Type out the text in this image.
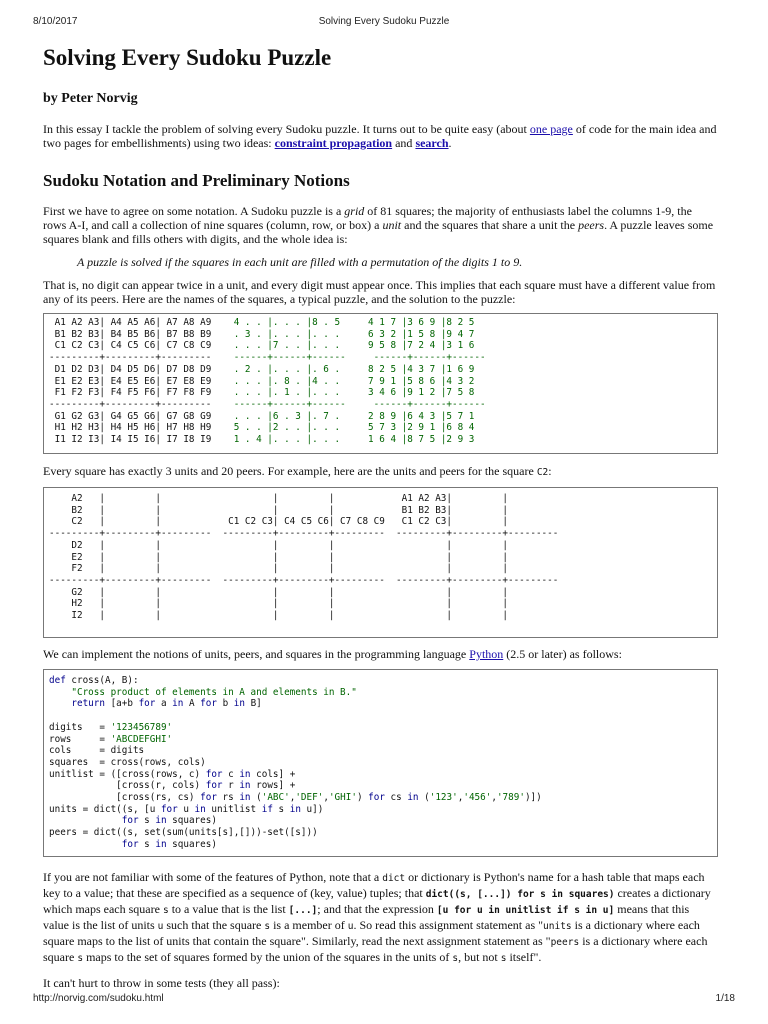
8/10/2017	Solving Every Sudoku Puzzle
Solving Every Sudoku Puzzle
by Peter Norvig

In this essay I tackle the problem of solving every Sudoku puzzle. It turns out to be quite easy (about one page of code for the main idea and two pages for embellishments) using two ideas: constraint propagation and search.

Sudoku Notation and Preliminary Notions

First we have to agree on some notation. A Sudoku puzzle is a grid of 81 squares; the majority of enthusiasts label the columns 1-9, the rows A-I, and call a collection of nine squares (column, row, or box) a unit and the squares that share a unit the peers. A puzzle leaves some squares blank and fills others with digits, and the whole idea is:

A puzzle is solved if the squares in each unit are filled with a permutation of the digits 1 to 9.

That is, no digit can appear twice in a unit, and every digit must appear once. This implies that each square must have a different value from any of its peers. Here are the names of the squares, a typical puzzle, and the solution to the puzzle:

A1 A2 A3| A4 A5 A6| A7 A8 A9    4 . . |. . . |8 . 5     4 1 7 |3 6 9 |8 2 5
B1 B2 B3| B4 B5 B6| B7 B8 B9    . 3 . |. . . |. . .     6 3 2 |1 5 8 |9 4 7
C1 C2 C3| C4 C5 C6| C7 C8 C9    . . . |7 . . |. . .     9 5 8 |7 2 4 |3 1 6
---------+---------+---------    ------+------+------     ------+------+------
D1 D2 D3| D4 D5 D6| D7 D8 D9    . 2 . |. . . |. 6 .     8 2 5 |4 3 7 |1 6 9
E1 E2 E3| E4 E5 E6| E7 E8 E9    . . . |. 8 . |4 . .     7 9 1 |5 8 6 |4 3 2
F1 F2 F3| F4 F5 F6| F7 F8 F9    . . . |. 1 . |. . .     3 4 6 |9 1 2 |7 5 8
---------+---------+---------    ------+------+------     ------+------+------
G1 G2 G3| G4 G5 G6| G7 G8 G9    . . . |6 . 3 |. 7 .     2 8 9 |6 4 3 |5 7 1
H1 H2 H3| H4 H5 H6| H7 H8 H9    5 . . |2 . . |. . .     5 7 3 |2 9 1 |6 8 4
I1 I2 I3| I4 I5 I6| I7 I8 I9    1 . 4 |. . . |. . .     1 6 4 |8 7 5 |2 9 3

Every square has exactly 3 units and 20 peers. For example, here are the units and peers for the square C2:

A2   |         |                    |         |            A1 A2 A3|         |
B2   |         |                    |         |            B1 B2 B3|         |
C2   |         |            C1 C2 C3| C4 C5 C6| C7 C8 C9   C1 C2 C3|         |
---------+---------+---------  ---------+---------+---------  ---------+---------+---------
D2   |         |                    |         |                    |         |
E2   |         |                    |         |                    |         |
F2   |         |                    |         |                    |         |
---------+---------+---------  ---------+---------+---------  ---------+---------+---------
G2   |         |                    |         |                    |         |
H2   |         |                    |         |                    |         |
I2   |         |                    |         |                    |         |

We can implement the notions of units, peers, and squares in the programming language Python (2.5 or later) as follows:

def cross(A, B):
"Cross product of elements in A and elements in B."
return [a+b for a in A for b in B]

digits   = '123456789'
rows     = 'ABCDEFGHI'
cols     = digits
squares  = cross(rows, cols)
unitlist = ([cross(rows, c) for c in cols] +
[cross(r, cols) for r in rows] +
[cross(rs, cs) for rs in ('ABC','DEF','GHI') for cs in ('123','456','789')])
units = dict((s, [u for u in unitlist if s in u])
for s in squares)
peers = dict((s, set(sum(units[s],[]))-set([s]))
for s in squares)

If you are not familiar with some of the features of Python, note that a dict or dictionary is Python's name for a hash table that maps each key to a value; that these are specified as a sequence of (key, value) tuples; that dict((s, [...]) for s in squares) creates a dictionary which maps each square s to a value that is the list [...]; and that the expression [u for u in unitlist if s in u] means that this value is the list of units u such that the square s is a member of u. So read this assignment statement as "units is a dictionary where each square maps to the list of units that contain the square". Similarly, read the next assignment statement as "peers is a dictionary where each square s maps to the set of squares formed by the union of the squares in the units of s, but not s itself".

It can't hurt to throw in some tests (they all pass):

http://norvig.com/sudoku.html	1/18
